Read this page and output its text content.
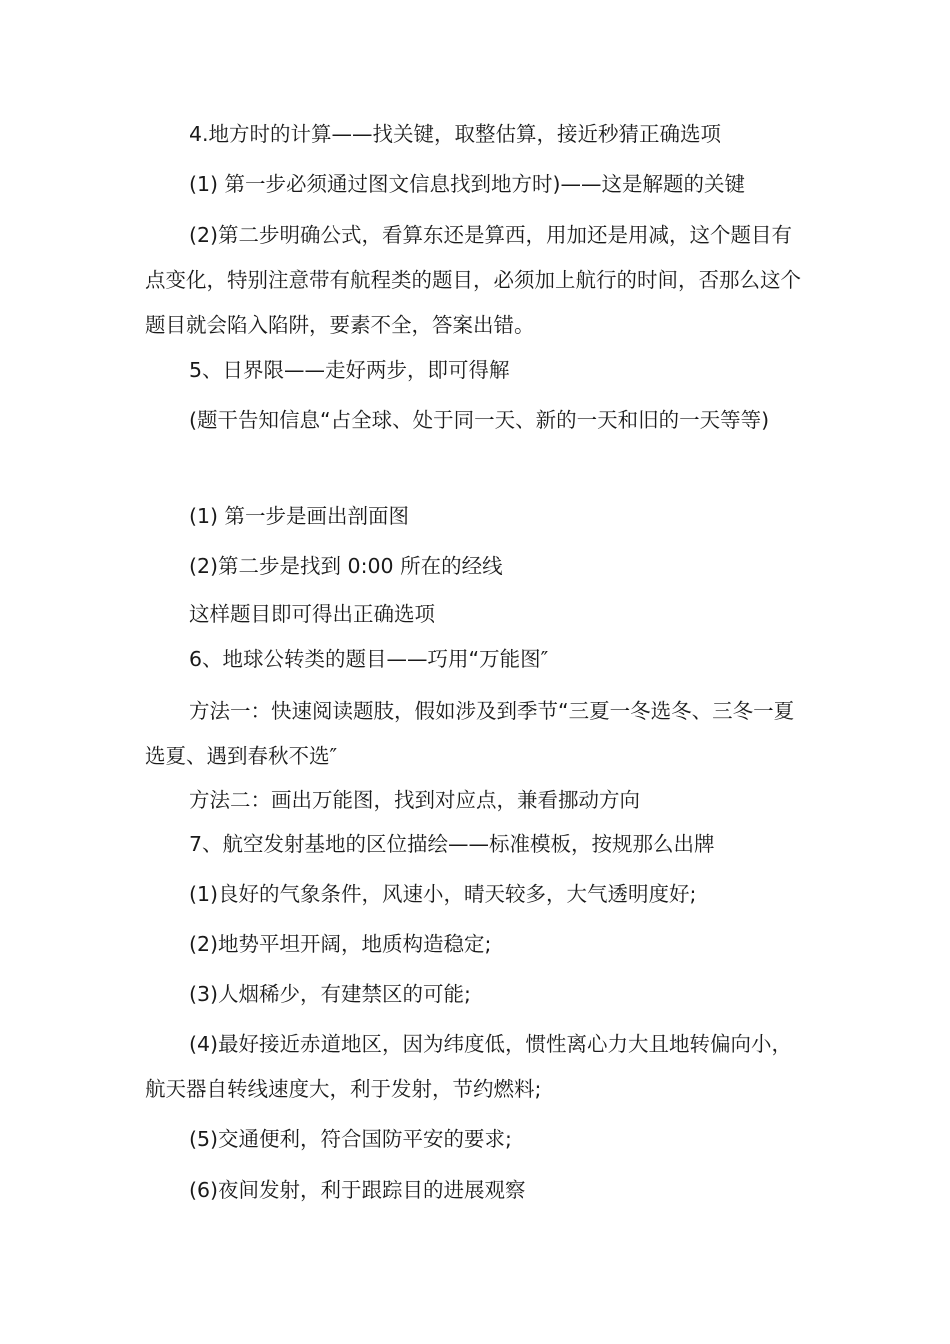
4.地方时的计算——找关键，取整估算，接近秒猜正确选项

(1) 第一步必须通过图文信息找到地方时)——这是解题的关键

(2)第二步明确公式，看算东还是算西，用加还是用减，这个题目有点变化，特别注意带有航程类的题目，必须加上航行的时间，否那么这个题目就会陷入陷阱，要素不全，答案出错。

5、日界限——走好两步，即可得解

(题干告知信息“占全球、处于同一天、新的一天和旧的一天等等)

(1) 第一步是画出剖面图

(2)第二步是找到 0:00 所在的经线

这样题目即可得出正确选项

6、地球公转类的题目——巧用“万能图″

方法一：快速阅读题肢，假如涉及到季节“三夏一冬选冬、三冬一夏选夏、遇到春秋不选″

方法二：画出万能图，找到对应点，兼看挪动方向

7、航空发射基地的区位描绘——标准模板，按规那么出牌

(1)良好的气象条件，风速小，晴天较多，大气透明度好;

(2)地势平坦开阔，地质构造稳定;

(3)人烟稀少，有建禁区的可能;

(4)最好接近赤道地区，因为纬度低，惯性离心力大且地转偏向小，航天器自转线速度大，利于发射，节约燃料;

(5)交通便利，符合国防平安的要求;

(6)夜间发射，利于跟踪目的进展观察
